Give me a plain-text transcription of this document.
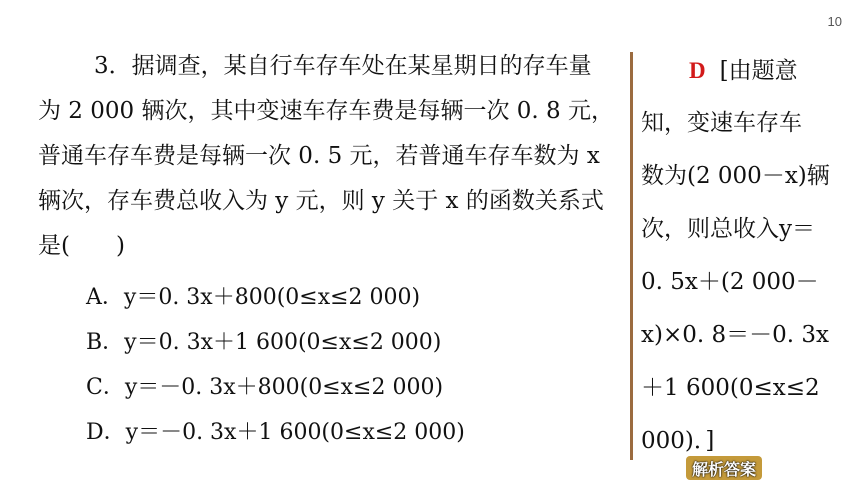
10
3．据调查，某自行车存车处在某星期日的存车量
为 2 000 辆次，其中变速车存车费是每辆一次 0. 8 元，
普通车存车费是每辆一次 0. 5 元，若普通车存车数为 x
辆次，存车费总收入为 y 元，则 y 关于 x 的函数关系式
是(　　)
A．y＝0. 3x＋800(0≤x≤2 000)
B．y＝0. 3x＋1 600(0≤x≤2 000)
C．y＝－0. 3x＋800(0≤x≤2 000)
D．y＝－0. 3x＋1 600(0≤x≤2 000)
D [由题意
知，变速车存车
数为(2 000－x)辆
次，则总收入y＝
0. 5x＋(2 000－
x)×0. 8＝－0. 3x
＋1 600(0≤x≤2
000)．]
解析答案
